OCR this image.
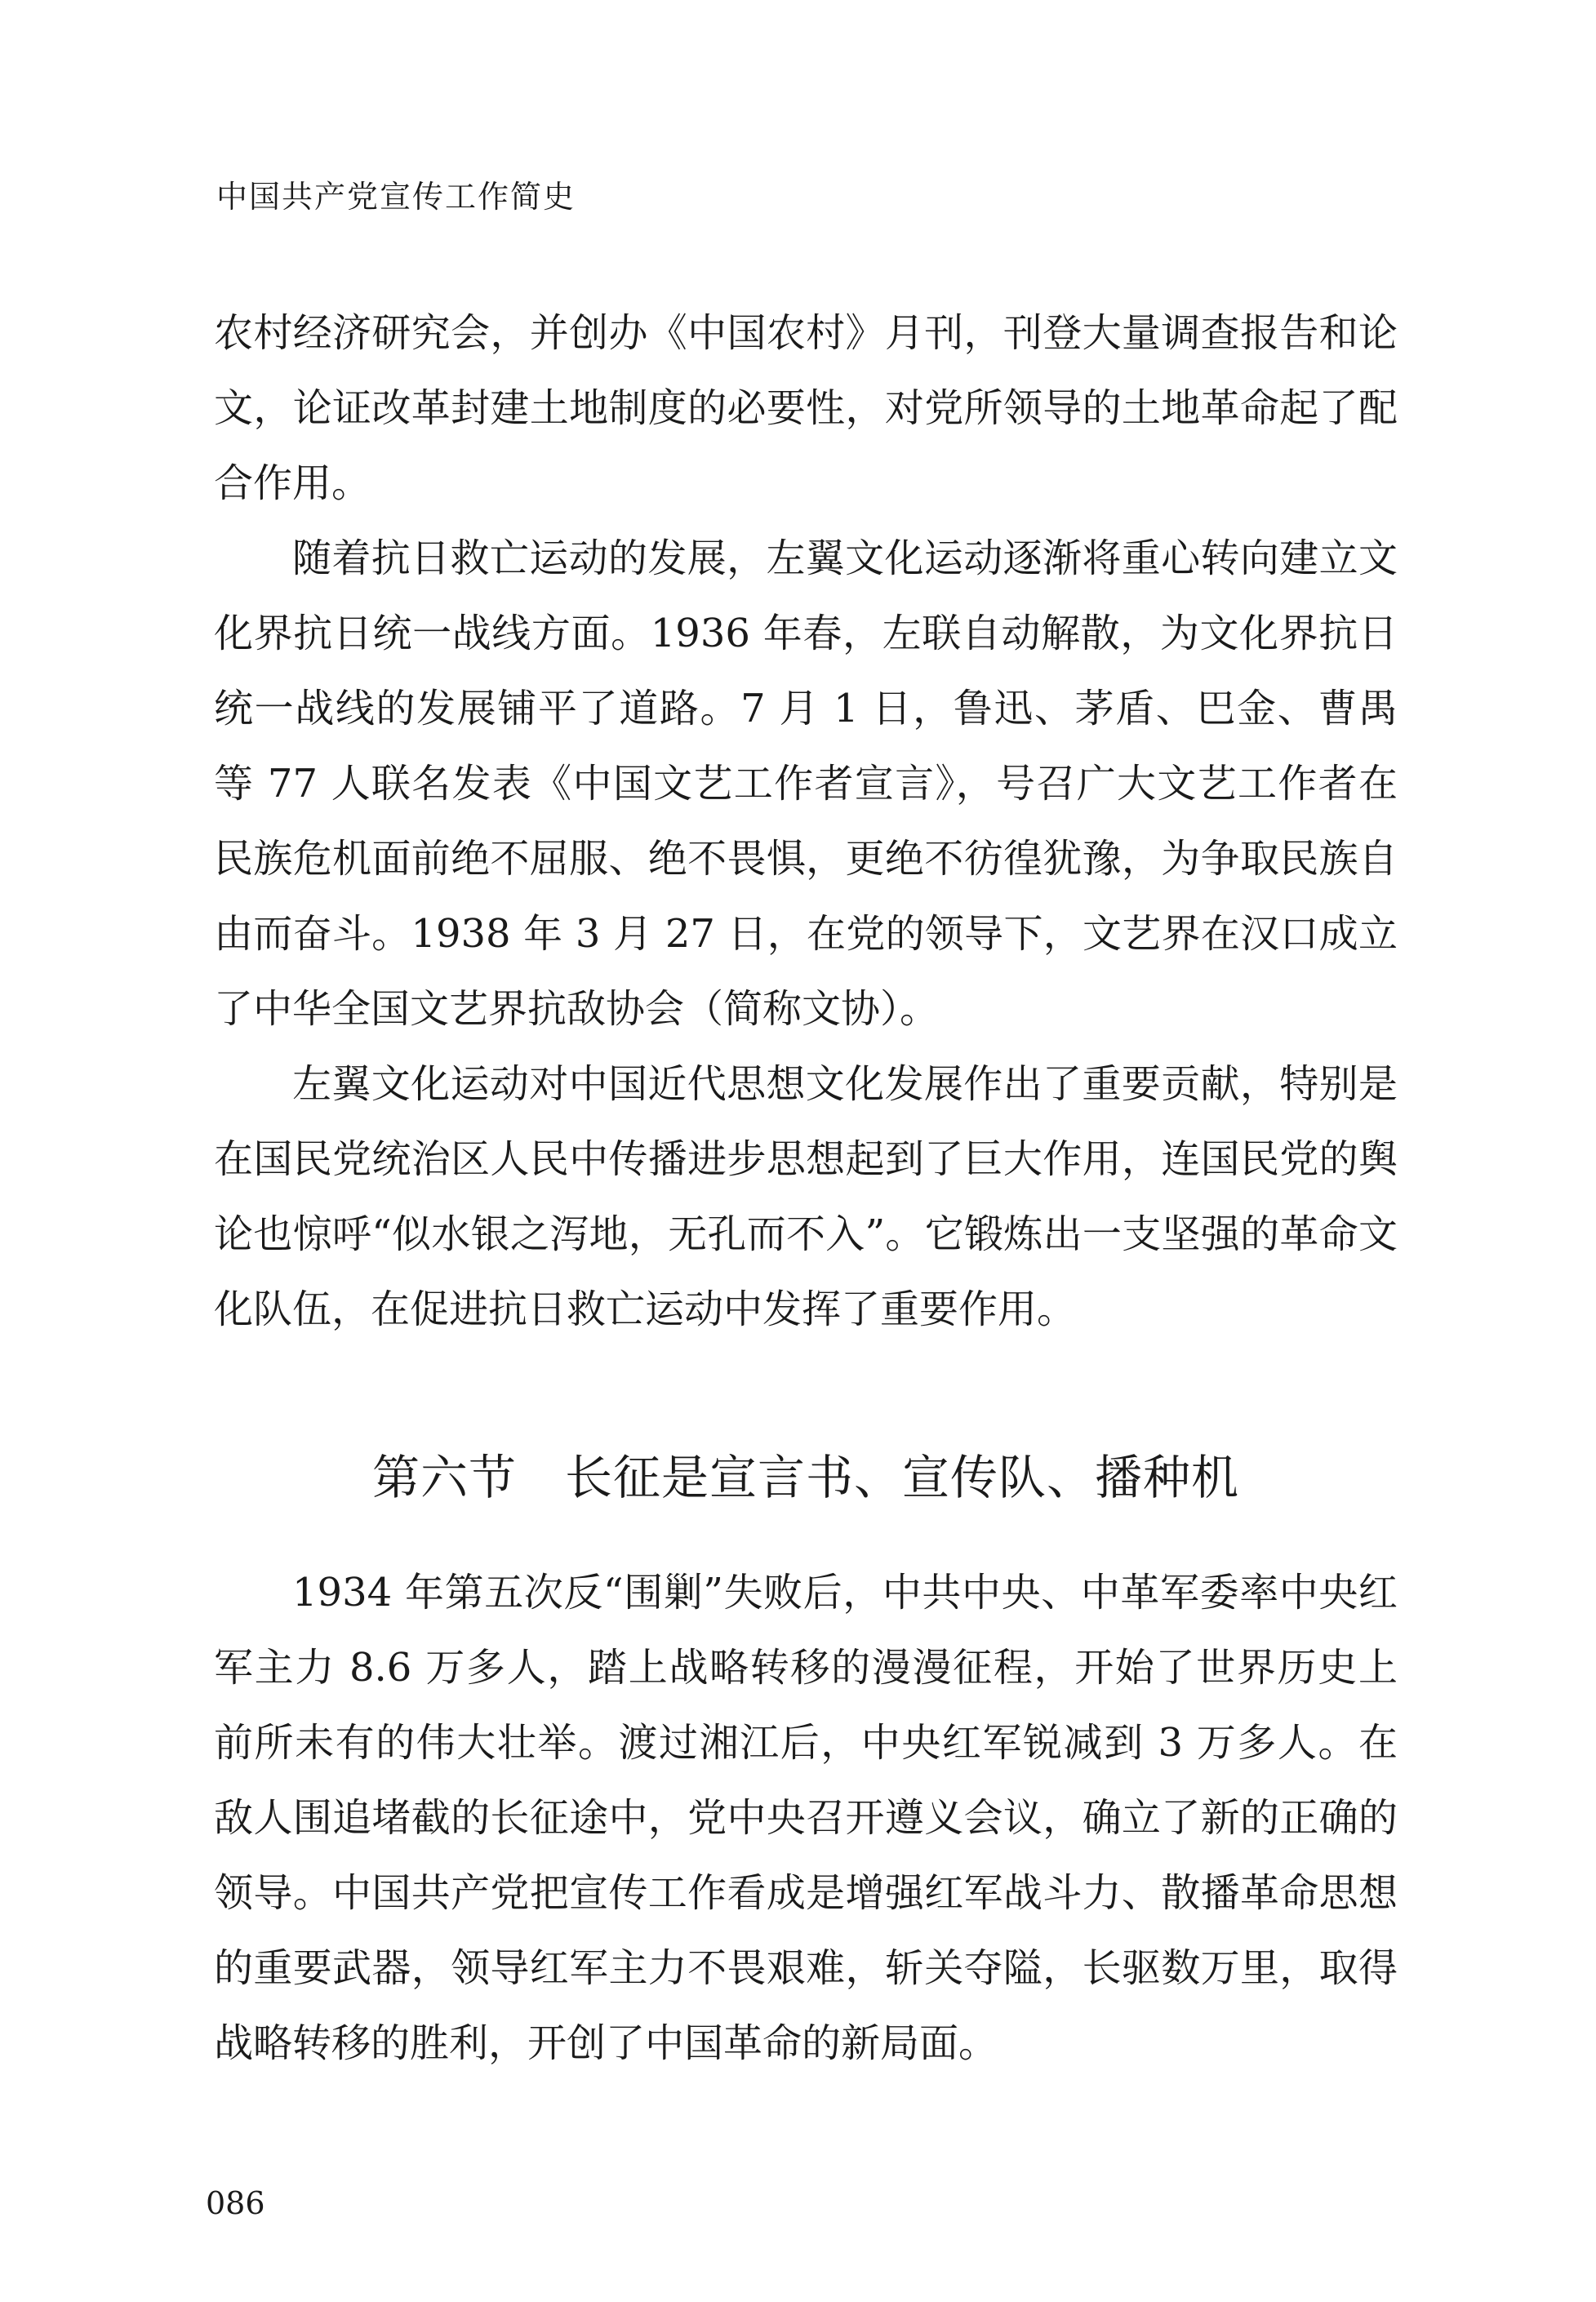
中国共产党宣传工作简史

农村经济研究会，并创办《中国农村》月刊，刊登大量调查报告和论文，论证改革封建土地制度的必要性，对党所领导的土地革命起了配合作用。

随着抗日救亡运动的发展，左翼文化运动逐渐将重心转向建立文化界抗日统一战线方面。1936 年春，左联自动解散，为文化界抗日统一战线的发展铺平了道路。7 月 1 日，鲁迅、茅盾、巴金、曹禺等 77 人联名发表《中国文艺工作者宣言》，号召广大文艺工作者在民族危机面前绝不屈服、绝不畏惧，更绝不彷徨犹豫，为争取民族自由而奋斗。1938 年 3 月 27 日，在党的领导下，文艺界在汉口成立了中华全国文艺界抗敌协会（简称文协）。

左翼文化运动对中国近代思想文化发展作出了重要贡献，特别是在国民党统治区人民中传播进步思想起到了巨大作用，连国民党的舆论也惊呼“似水银之泻地，无孔而不入”。它锻炼出一支坚强的革命文化队伍，在促进抗日救亡运动中发挥了重要作用。

第六节　长征是宣言书、宣传队、播种机

1934 年第五次反“围剿”失败后，中共中央、中革军委率中央红军主力 8.6 万多人，踏上战略转移的漫漫征程，开始了世界历史上前所未有的伟大壮举。渡过湘江后，中央红军锐减到 3 万多人。在敌人围追堵截的长征途中，党中央召开遵义会议，确立了新的正确的领导。中国共产党把宣传工作看成是增强红军战斗力、散播革命思想的重要武器，领导红军主力不畏艰难，斩关夺隘，长驱数万里，取得战略转移的胜利，开创了中国革命的新局面。

086
